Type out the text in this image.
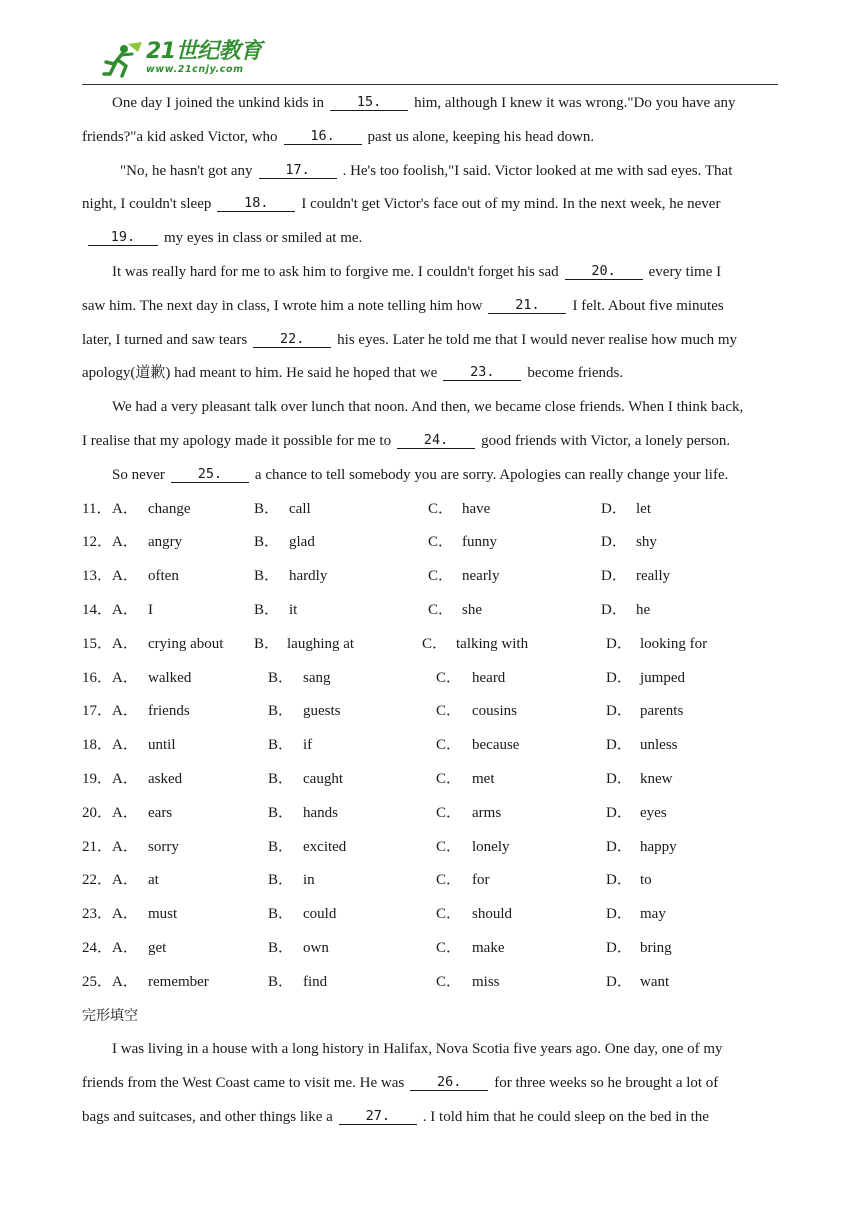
21世纪教育
www.21cnjy.com
One day I joined the unkind kids in 15. him, although I knew it was wrong."Do you have any
friends?"a kid asked Victor, who 16. past us alone, keeping his head down.
"No, he hasn't got any 17. . He's too foolish,"I said. Victor looked at me with sad eyes. That
night, I couldn't sleep 18. I couldn't get Victor's face out of my mind. In the next week, he never
19. my eyes in class or smiled at me.
It was really hard for me to ask him to forgive me. I couldn't forget his sad 20. every time I
saw him. The next day in class, I wrote him a note telling him how 21. I felt. About five minutes
later, I turned and saw tears 22. his eyes. Later he told me that I would never realise how much my
apology(道歉) had meant to him. He said he hoped that we 23. become friends.
We had a very pleasant talk over lunch that noon. And then, we became close friends. When I think back,
I realise that my apology made it possible for me to 24. good friends with Victor, a lonely person.
So never 25. a chance to tell somebody you are sorry. Apologies can really change your life.
11． A． change	B． call	C． have	D． let
12． A． angry	B． glad	C． funny	D． shy
13． A． often	B． hardly	C． nearly	D． really
14． A． I	B． it	C． she	D． he
15． A． crying about B． laughing at	C． talking with	D． looking for
16． A． walked	B． sang	C． heard	D． jumped
17． A． friends	B． guests	C． cousins	D． parents
18． A． until	B． if	C． because	D． unless
19． A． asked	B． caught	C． met	D． knew
20． A． ears	B． hands	C． arms	D． eyes
21． A． sorry	B． excited	C． lonely	D． happy
22． A． at	B． in	C． for	D． to
23． A． must	B． could	C． should	D． may
24． A． get	B． own	C． make	D． bring
25． A． remember	B． find	C． miss	D． want
完形填空
I was living in a house with a long history in Halifax, Nova Scotia five years ago. One day, one of my
friends from the West Coast came to visit me. He was 26. for three weeks so he brought a lot of
bags and suitcases, and other things like a 27. . I told him that he could sleep on the bed in the
